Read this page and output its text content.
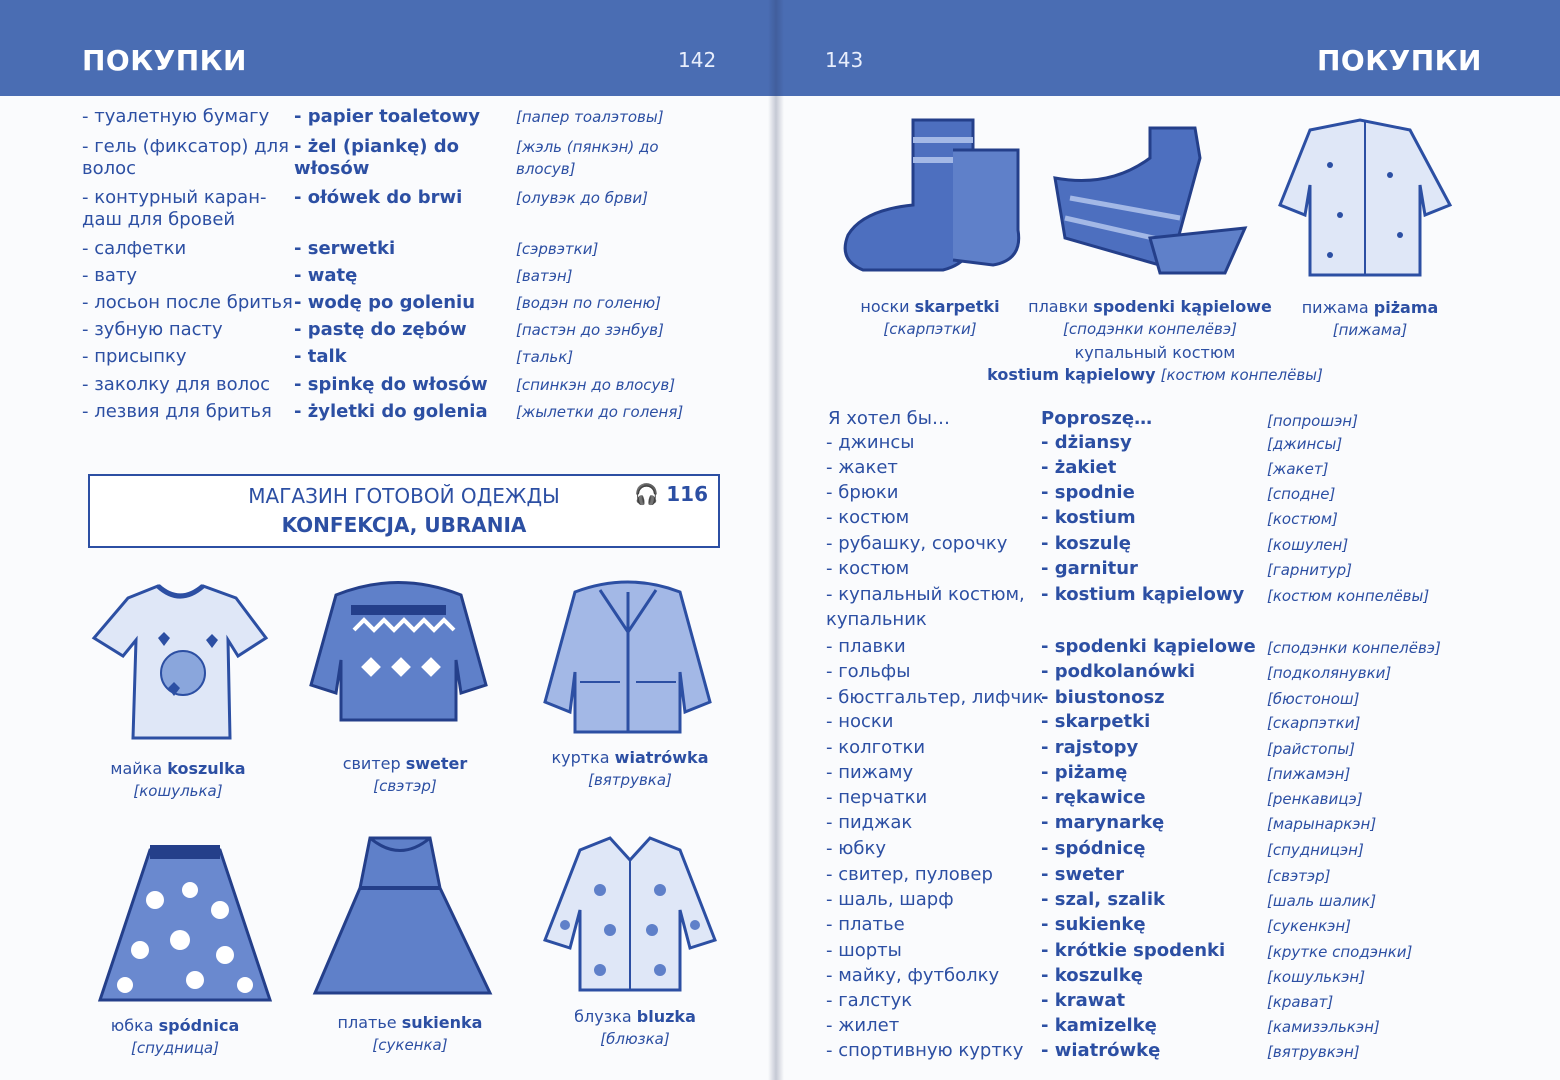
ПОКУПКИ	142
- туалетную бумагу	- papier toaletowy	[папер тоалэтовы]
- гель (фиксатор) для волос
- żel (piankę) do włosów
[жэль (пянкэн) до влосув]
- контурный каран-даш для бровей
- ołówek do brwi	[олувэк до брви]
- салфетки	- serwetki	[сэрвэтки]
- вату	- watę	[ватэн]
- лосьон после бритья - wodę po goleniu	[водэн по голеню]
- зубную пасту	- pastę do zębów	[пастэн до зэнбув]
- присыпку	- talk	[тальк]
- заколку для волос	- spinkę do włosów	[спинкэн до влосув]
- лезвия для бритья	- żyletki do golenia	[жылетки до голеня]
МАГАЗИН ГОТОВОЙ ОДЕЖДЫ
KONFEKCJA, UBRANIA
🎧 116
майка koszulka
[кошулька]
свитер sweter
[свэтэр]
куртка wiatrówka
[вятрувка]
юбка spódnica
[спудница]
платье sukienka
[сукенка]
блузка bluzka
[блюзка]
143	ПОКУПКИ
носки skarpetki
[скарпэтки]
плавки spodenki kąpielowe
[сподэнки конпелёвэ]
пижама piżama
[пижама]
купальный костюм
kostium kąpielowy [костюм конпелёвы]
Я хотел бы…	Poproszę…	[попрошэн]
- джинсы	- dżiansy	[джинсы]
- жакет	- żakiet	[жакет]
- брюки	- spodnie	[сподне]
- костюм	- kostium	[костюм]
- рубашку, сорочку - koszulę	[кошулен]
- костюм	- garnitur	[гарнитур]
- купальный костюм, - kostium kąpielowy [костюм конпелёвы]
купальник
- плавки	- spodenki kąpielowe [сподэнки конпелёвэ]
- гольфы	- podkolanówki	[подколянувки]
- бюстгальтер, лифчик
- biustonosz	[бюстонош]
- носки	- skarpetki	[скарпэтки]
- колготки	- rajstopy	[райстопы]
- пижаму	- piżamę	[пижамэн]
- перчатки	- rękawice	[ренкавицэ]
- пиджак	- marynarkę	[марынаркэн]
- юбку	- spódnicę	[спудницэн]
- свитер, пуловер	- sweter	[свэтэр]
- шаль, шарф	- szal, szalik	[шаль шалик]
- платье	- sukienkę	[сукенкэн]
- шорты	- krótkie spodenki	[крутке сподэнки]
- майку, футболку - koszulkę	[кошулькэн]
- галстук	- krawat	[крават]
- жилет	- kamizelkę	[камизэлькэн]
- спортивную куртку - wiatrówkę	[вятрувкэн]
